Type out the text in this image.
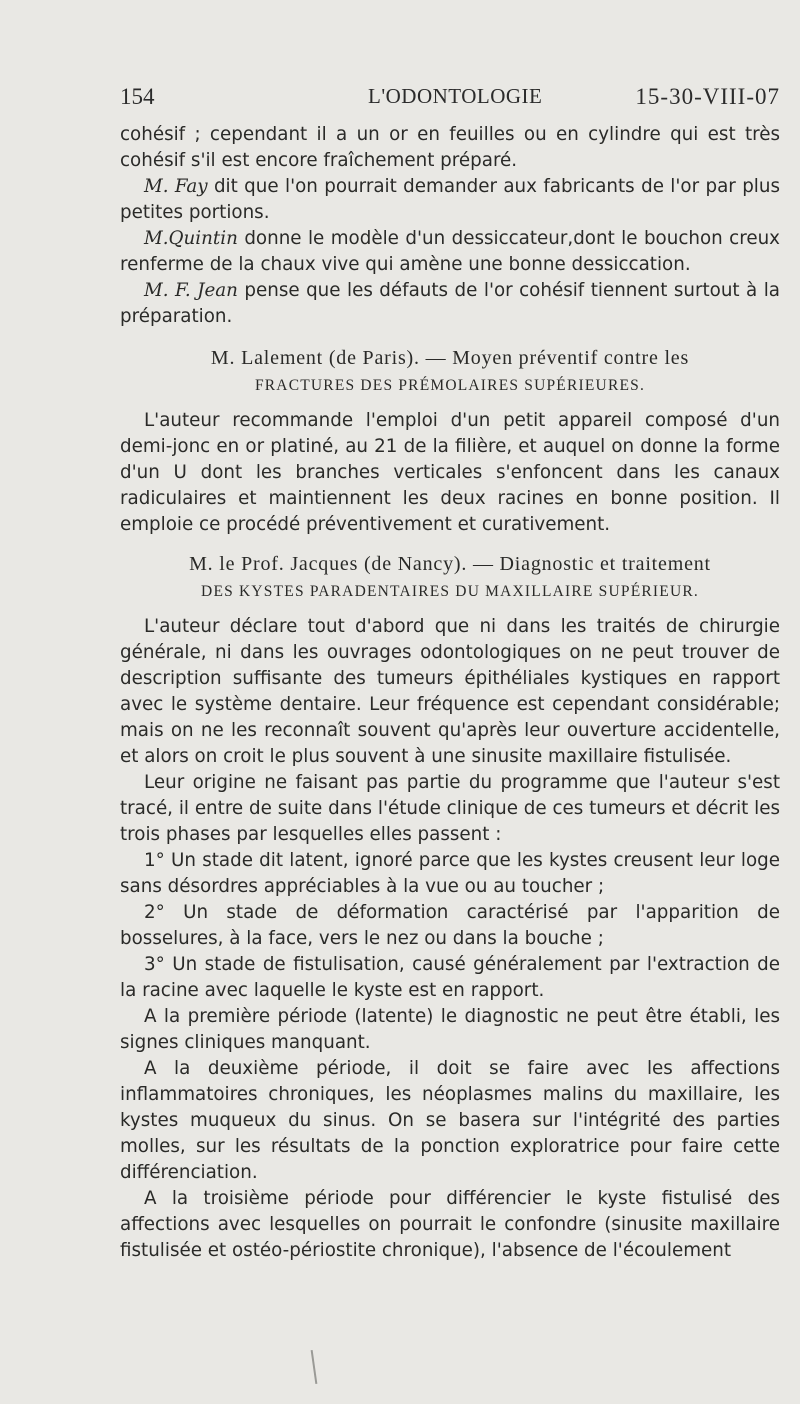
154	L'ODONTOLOGIE	15-30-VIII-07

cohésif ; cependant il a un or en feuilles ou en cylindre qui est très cohésif s'il est encore fraîchement préparé.

M. Fay dit que l'on pourrait demander aux fabricants de l'or par plus petites portions.

M.Quintin donne le modèle d'un dessiccateur,dont le bouchon creux renferme de la chaux vive qui amène une bonne dessiccation.

M. F. Jean pense que les défauts de l'or cohésif tiennent surtout à la préparation.

M. Lalement (de Paris). — Moyen préventif contre les
FRACTURES DES PRÉMOLAIRES SUPÉRIEURES.

L'auteur recommande l'emploi d'un petit appareil composé d'un demi-jonc en or platiné, au 21 de la filière, et auquel on donne la forme d'un U dont les branches verticales s'enfoncent dans les canaux radiculaires et maintiennent les deux racines en bonne position. Il emploie ce procédé préventivement et curativement.

M. le Prof. Jacques (de Nancy). — Diagnostic et traitement
DES KYSTES PARADENTAIRES DU MAXILLAIRE SUPÉRIEUR.

L'auteur déclare tout d'abord que ni dans les traités de chirurgie générale, ni dans les ouvrages odontologiques on ne peut trouver de description suffisante des tumeurs épithéliales kystiques en rapport avec le système dentaire. Leur fréquence est cependant considérable; mais on ne les reconnaît souvent qu'après leur ouverture accidentelle, et alors on croit le plus souvent à une sinusite maxillaire fistulisée.

Leur origine ne faisant pas partie du programme que l'auteur s'est tracé, il entre de suite dans l'étude clinique de ces tumeurs et décrit les trois phases par lesquelles elles passent :

1° Un stade dit latent, ignoré parce que les kystes creusent leur loge sans désordres appréciables à la vue ou au toucher ;

2° Un stade de déformation caractérisé par l'apparition de bosselures, à la face, vers le nez ou dans la bouche ;

3° Un stade de fistulisation, causé généralement par l'extraction de la racine avec laquelle le kyste est en rapport.

A la première période (latente) le diagnostic ne peut être établi, les signes cliniques manquant.

A la deuxième période, il doit se faire avec les affections inflammatoires chroniques, les néoplasmes malins du maxillaire, les kystes muqueux du sinus. On se basera sur l'intégrité des parties molles, sur les résultats de la ponction exploratrice pour faire cette différenciation.

A la troisième période pour différencier le kyste fistulisé des affections avec lesquelles on pourrait le confondre (sinusite maxillaire fistulisée et ostéo-périostite chronique), l'absence de l'écoulement
